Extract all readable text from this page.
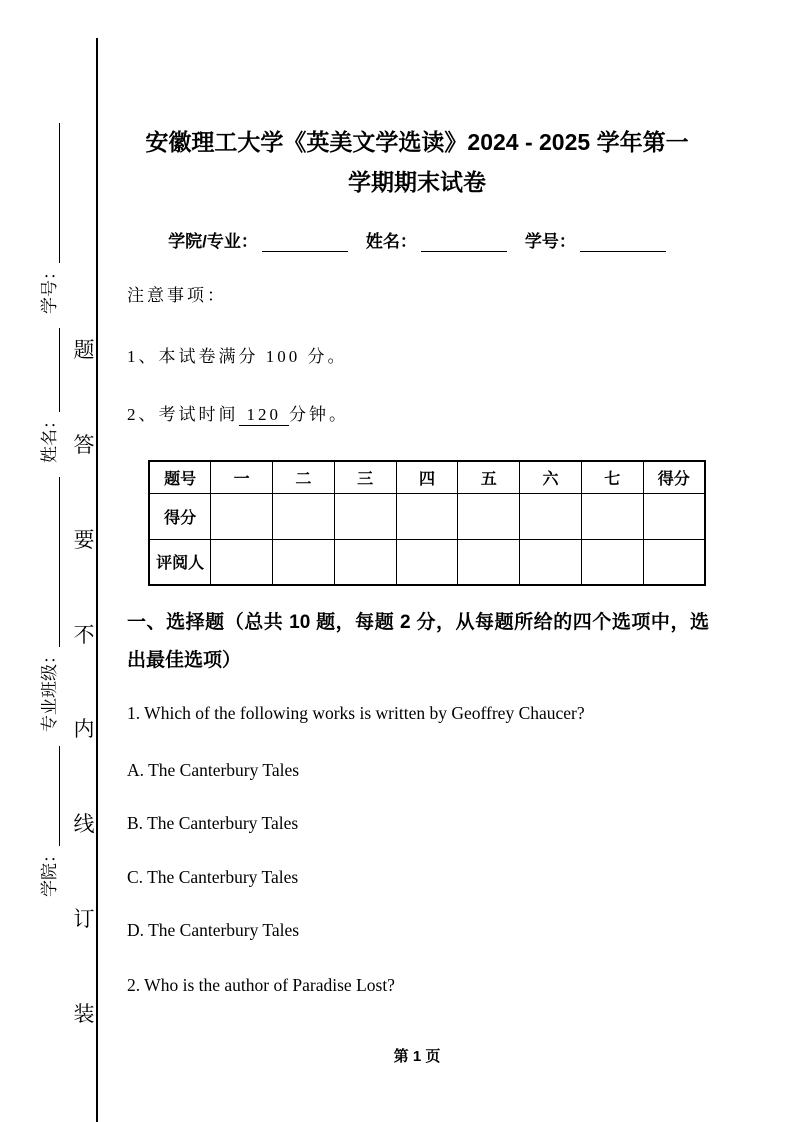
学院：
专业班级：
姓名：
学号：
题
答
要
不
内
线
订
装
安徽理工大学《英美文学选读》2024 - 2025 学年第一
学期期末试卷
学院/专业：	姓名：	学号：
注意事项：
1、本试卷满分 100 分。
2、考试时间 120 分钟。
题号	一	二	三	四	五	六	七	得分
得分								
评阅人								
一、选择题（总共 10 题，每题 2 分，从每题所给的四个选项中，选出最佳选项）
1. Which of the following works is written by Geoffrey Chaucer?
A. The Canterbury Tales
B. The Canterbury Tales
C. The Canterbury Tales
D. The Canterbury Tales
2. Who is the author of Paradise Lost?
第 1 页
